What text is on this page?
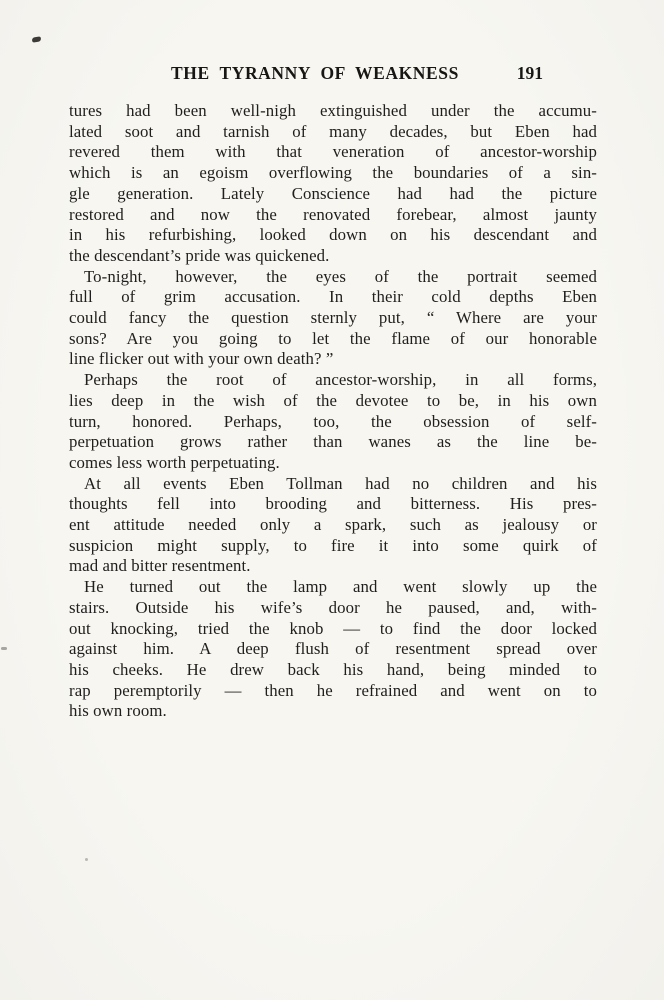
THE TYRANNY OF WEAKNESS	191
tures had been well-nigh extinguished under the accumu-
lated soot and tarnish of many decades, but Eben had
revered them with that veneration of ancestor-worship
which is an egoism overflowing the boundaries of a sin-
gle generation. Lately Conscience had had the picture
restored and now the renovated forebear, almost jaunty
in his refurbishing, looked down on his descendant and
the descendant’s pride was quickened.
To-night, however, the eyes of the portrait seemed
full of grim accusation. In their cold depths Eben
could fancy the question sternly put, “ Where are your
sons? Are you going to let the flame of our honorable
line flicker out with your own death? ”
Perhaps the root of ancestor-worship, in all forms,
lies deep in the wish of the devotee to be, in his own
turn, honored. Perhaps, too, the obsession of self-
perpetuation grows rather than wanes as the line be-
comes less worth perpetuating.
At all events Eben Tollman had no children and his
thoughts fell into brooding and bitterness. His pres-
ent attitude needed only a spark, such as jealousy or
suspicion might supply, to fire it into some quirk of
mad and bitter resentment.
He turned out the lamp and went slowly up the
stairs. Outside his wife’s door he paused, and, with-
out knocking, tried the knob — to find the door locked
against him. A deep flush of resentment spread over
his cheeks. He drew back his hand, being minded to
rap peremptorily — then he refrained and went on to
his own room.
